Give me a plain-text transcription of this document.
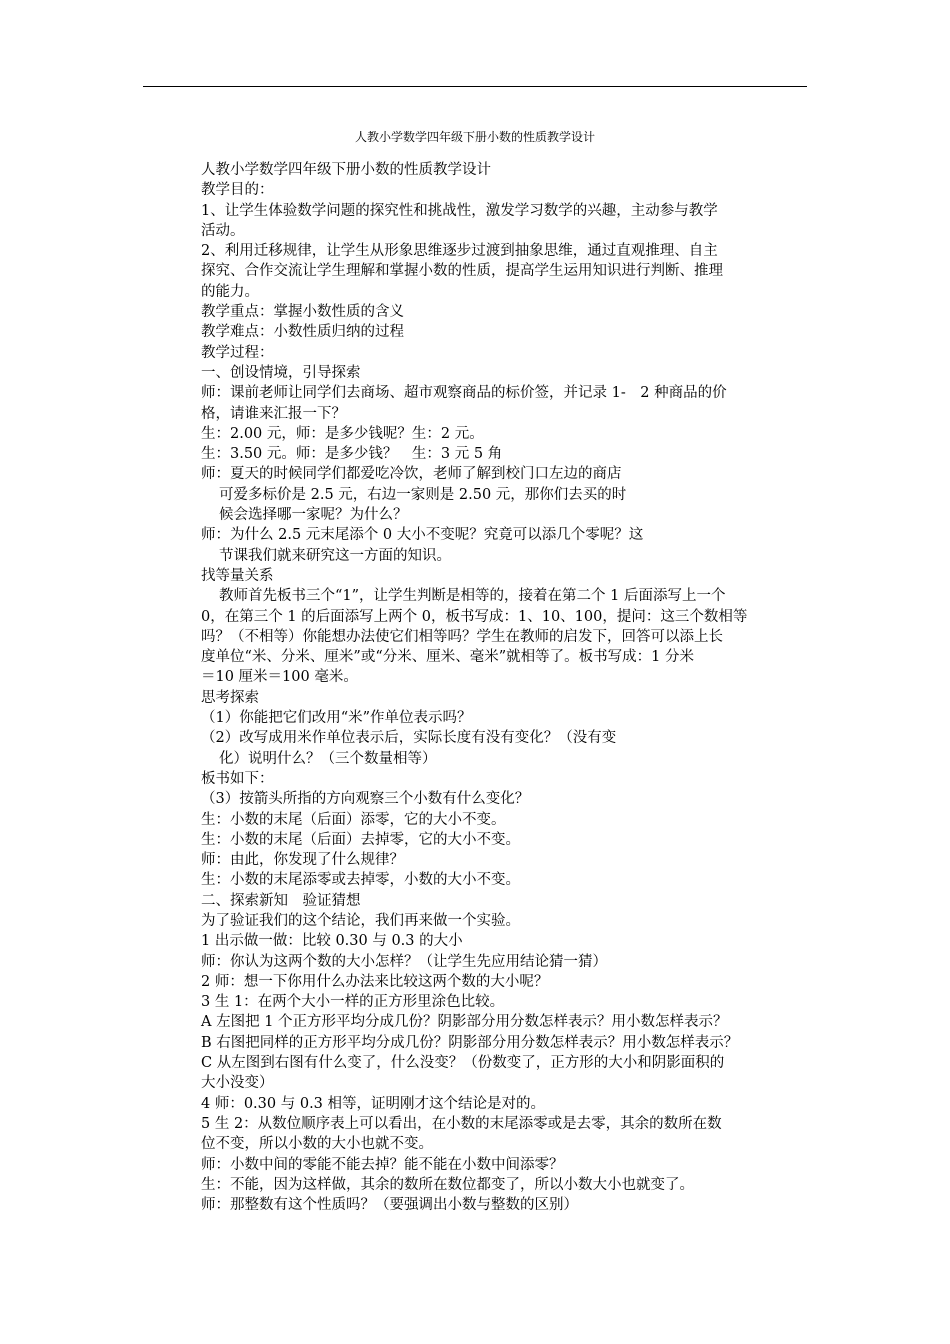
人教小学数学四年级下册小数的性质教学设计
人教小学数学四年级下册小数的性质教学设计
教学目的：
1、让学生体验数学问题的探究性和挑战性，激发学习数学的兴趣，主动参与教学
活动。
2、利用迁移规律，让学生从形象思维逐步过渡到抽象思维，通过直观推理、自主
探究、合作交流让学生理解和掌握小数的性质，提高学生运用知识进行判断、推理
的能力。
教学重点：掌握小数性质的含义
教学难点：小数性质归纳的过程
教学过程：
一、创设情境，引导探索
师：课前老师让同学们去商场、超市观察商品的标价签，并记录 1-　2 种商品的价
格，请谁来汇报一下？
生：2.00 元，师：是多少钱呢？生：2 元。
生：3.50 元。师：是多少钱？　生：3 元 5 角
师：夏天的时候同学们都爱吃冷饮，老师了解到校门口左边的商店
可爱多标价是 2.5 元，右边一家则是 2.50 元，那你们去买的时
候会选择哪一家呢？为什么？
师：为什么 2.5 元末尾添个 0 大小不变呢？究竟可以添几个零呢？这
节课我们就来研究这一方面的知识。
找等量关系
教师首先板书三个“1”，让学生判断是相等的，接着在第二个 1 后面添写上一个
0，在第三个 1 的后面添写上两个 0，板书写成：1、10、100，提问：这三个数相等
吗？（不相等）你能想办法使它们相等吗？学生在教师的启发下，回答可以添上长
度单位“米、分米、厘米”或“分米、厘米、毫米”就相等了。板书写成：1 分米
＝10 厘米＝100 毫米。
思考探索
（1）你能把它们改用“米”作单位表示吗？
（2）改写成用米作单位表示后，实际长度有没有变化？（没有变
化）说明什么？（三个数量相等）
板书如下：
（3）按箭头所指的方向观察三个小数有什么变化？
生：小数的末尾（后面）添零，它的大小不变。
生：小数的末尾（后面）去掉零，它的大小不变。
师：由此，你发现了什么规律？
生：小数的末尾添零或去掉零，小数的大小不变。
二、探索新知　验证猜想
为了验证我们的这个结论，我们再来做一个实验。
1 出示做一做：比较 0.30 与 0.3 的大小
师：你认为这两个数的大小怎样？（让学生先应用结论猜一猜）
2 师：想一下你用什么办法来比较这两个数的大小呢？
3 生 1：在两个大小一样的正方形里涂色比较。
A 左图把 1 个正方形平均分成几份？阴影部分用分数怎样表示？用小数怎样表示？
B 右图把同样的正方形平均分成几份？阴影部分用分数怎样表示？用小数怎样表示？
C 从左图到右图有什么变了，什么没变？（份数变了，正方形的大小和阴影面积的
大小没变）
4 师：0.30 与 0.3 相等，证明刚才这个结论是对的。
5 生 2：从数位顺序表上可以看出，在小数的末尾添零或是去零，其余的数所在数
位不变，所以小数的大小也就不变。
师：小数中间的零能不能去掉？能不能在小数中间添零？
生：不能，因为这样做，其余的数所在数位都变了，所以小数大小也就变了。
师：那整数有这个性质吗？（要强调出小数与整数的区别）
